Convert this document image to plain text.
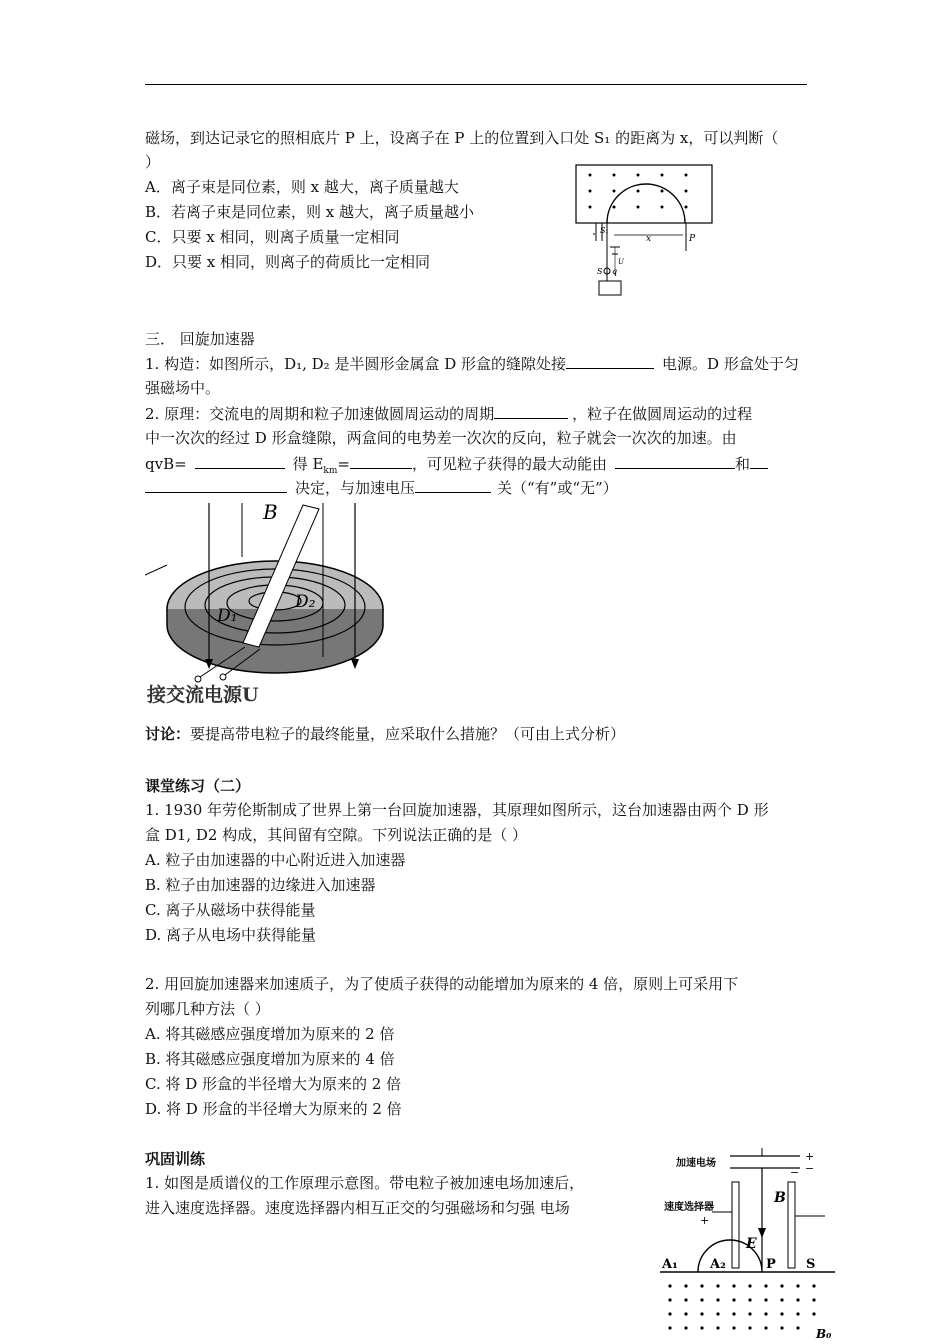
磁场，到达记录它的照相底片 P 上，设离子在 P 上的位置到入口处 S₁ 的距离为 x，可以判断（
）
A．离子束是同位素，则 x 越大，离子质量越大
B．若离子束是同位素，则 x 越大，离子质量越小
C．只要 x 相同，则离子质量一定相同
D．只要 x 相同，则离子的荷质比一定相同
S₁
x	P
U
S q
三． 回旋加速器
1. 构造：如图所示，D₁, D₂ 是半圆形金属盒 D 形盒的缝隙处接	电源。D 形盒处于匀
强磁场中。
2. 原理：交流电的周期和粒子加速做圆周运动的周期	，粒子在做圆周运动的过程
中一次次的经过 D 形盒缝隙，两盒间的电势差一次次的反向，粒子就会一次次的加速。由
qvB=	得 $E_{km}=$	，可见粒子获得的最大动能由	和
决定，与加速电压	关（“有”或“无”）
B
D₁
D₂
接交流电源U
讨论：要提高带电粒子的最终能量，应采取什么措施？（可由上式分析）
课堂练习（二）
1. 1930 年劳伦斯制成了世界上第一台回旋加速器，其原理如图所示，这台加速器由两个 D 形
盒 D1, D2 构成，其间留有空隙。下列说法正确的是（ ）
A. 粒子由加速器的中心附近进入加速器
B. 粒子由加速器的边缘进入加速器
C. 离子从磁场中获得能量
D. 离子从电场中获得能量
2. 用回旋加速器来加速质子，为了使质子获得的动能增加为原来的 4 倍，原则上可采用下
列哪几种方法（ ）
A. 将其磁感应强度增加为原来的 2 倍
B. 将其磁感应强度增加为原来的 4 倍
C. 将 D 形盒的半径增大为原来的 2 倍
D. 将 D 形盒的半径增大为原来的 2 倍
巩固训练
1. 如图是质谱仪的工作原理示意图。带电粒子被加速电场加速后，
进入速度选择器。速度选择器内相互正交的匀强磁场和匀强 电场
加速电场
+
−
速度选择器
+
−
E
B
A₁ A₂	P S
B₀
